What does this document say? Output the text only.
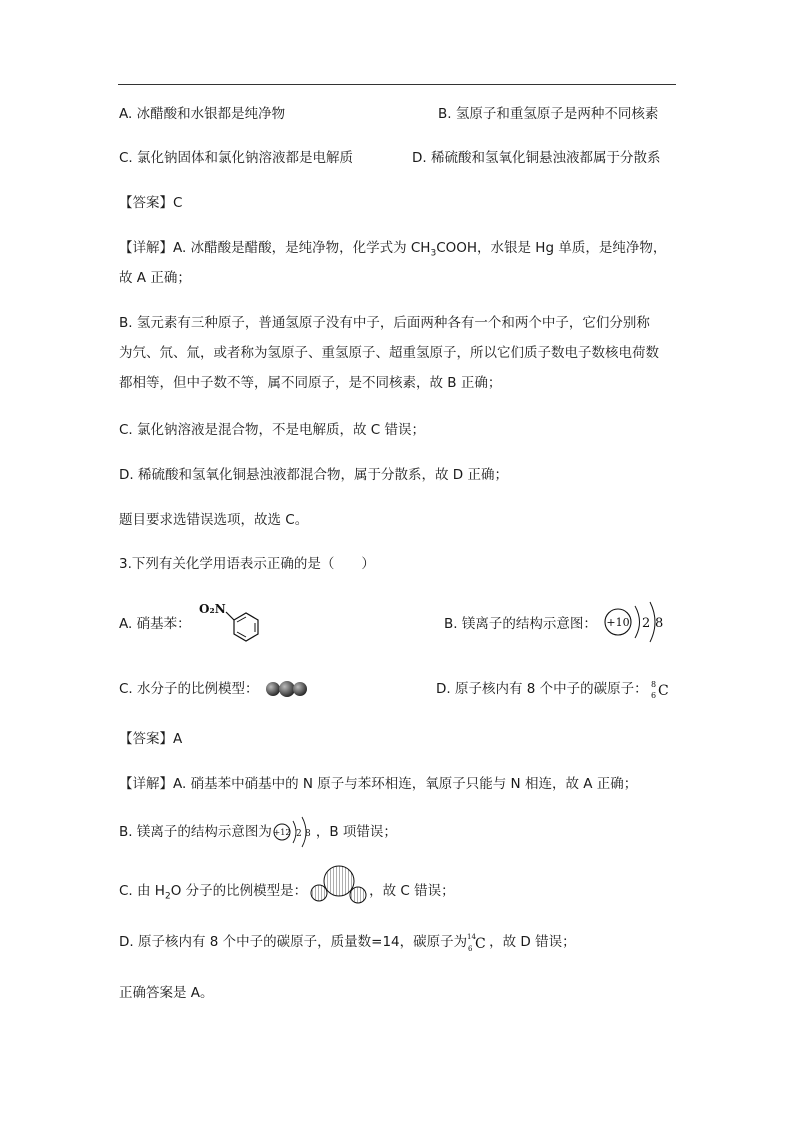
A. 冰醋酸和水银都是纯净物	B. 氢原子和重氢原子是两种不同核素
C. 氯化钠固体和氯化钠溶液都是电解质	D. 稀硫酸和氢氧化铜悬浊液都属于分散系
【答案】C
【详解】A. 冰醋酸是醋酸，是纯净物，化学式为 $CH_3COOH$，水银是 Hg 单质，是纯净物，
故 A 正确；
B. 氢元素有三种原子，普通氢原子没有中子，后面两种各有一个和两个中子，它们分别称
为氕、氘、氚，或者称为氢原子、重氢原子、超重氢原子，所以它们质子数电子数核电荷数
都相等，但中子数不等，属不同原子，是不同核素，故 B 正确；
C. 氯化钠溶液是混合物，不是电解质，故 C 错误；
D. 稀硫酸和氢氧化铜悬浊液都混合物，属于分散系，故 D 正确；
题目要求选错误选项，故选 C。
3.下列有关化学用语表示正确的是（　　）
A. 硝基苯：
O₂N
B. 镁离子的结构示意图： +10 2 8
C. 水分子的比例模型：	D. 原子核内有 8 个中子的碳原子： 8
6 C
【答案】A
【详解】A. 硝基苯中硝基中的 N 原子与苯环相连，氧原子只能与 N 相连，故 A 正确；
B. 镁离子的结构示意图为 +12 2 8 ，B 项错误；
C. 由 $H_2O$ 分子的比例模型是：	，故 C 错误；
D. 原子核内有 8 个中子的碳原子，质量数=14，碳原子为 14
6 C ，故 D 错误；
正确答案是 A。
